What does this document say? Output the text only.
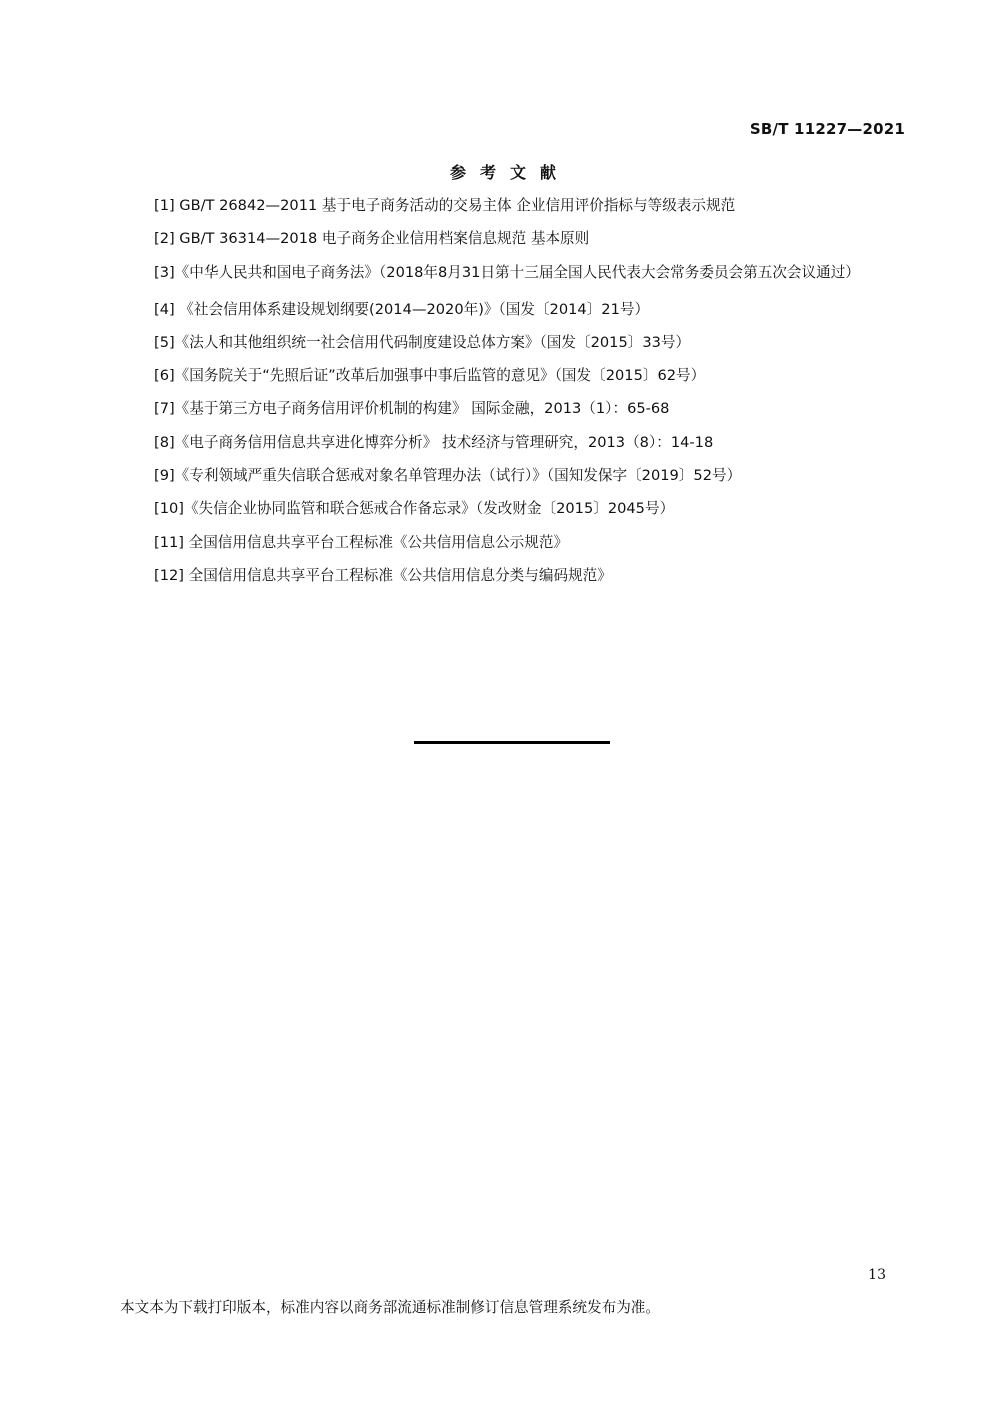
SB/T 11227—2021
参考文献
[1] GB/T 26842—2011 基于电子商务活动的交易主体 企业信用评价指标与等级表示规范
[2] GB/T 36314—2018 电子商务企业信用档案信息规范 基本原则
[3]《中华人民共和国电子商务法》（2018年8月31日第十三届全国人民代表大会常务委员会第五次会议通过）
[4] 《社会信用体系建设规划纲要(2014—2020年)》（国发〔2014〕21号）
[5]《法人和其他组织统一社会信用代码制度建设总体方案》（国发〔2015〕33号）
[6]《国务院关于“先照后证”改革后加强事中事后监管的意见》（国发〔2015〕62号）
[7]《基于第三方电子商务信用评价机制的构建》 国际金融，2013（1）：65-68
[8]《电子商务信用信息共享进化博弈分析》 技术经济与管理研究，2013（8）：14-18
[9]《专利领域严重失信联合惩戒对象名单管理办法（试行）》（国知发保字〔2019〕52号）
[10]《失信企业协同监管和联合惩戒合作备忘录》（发改财金〔2015〕2045号）
[11] 全国信用信息共享平台工程标准《公共信用信息公示规范》
[12] 全国信用信息共享平台工程标准《公共信用信息分类与编码规范》
13
本文本为下载打印版本，标准内容以商务部流通标准制修订信息管理系统发布为准。
